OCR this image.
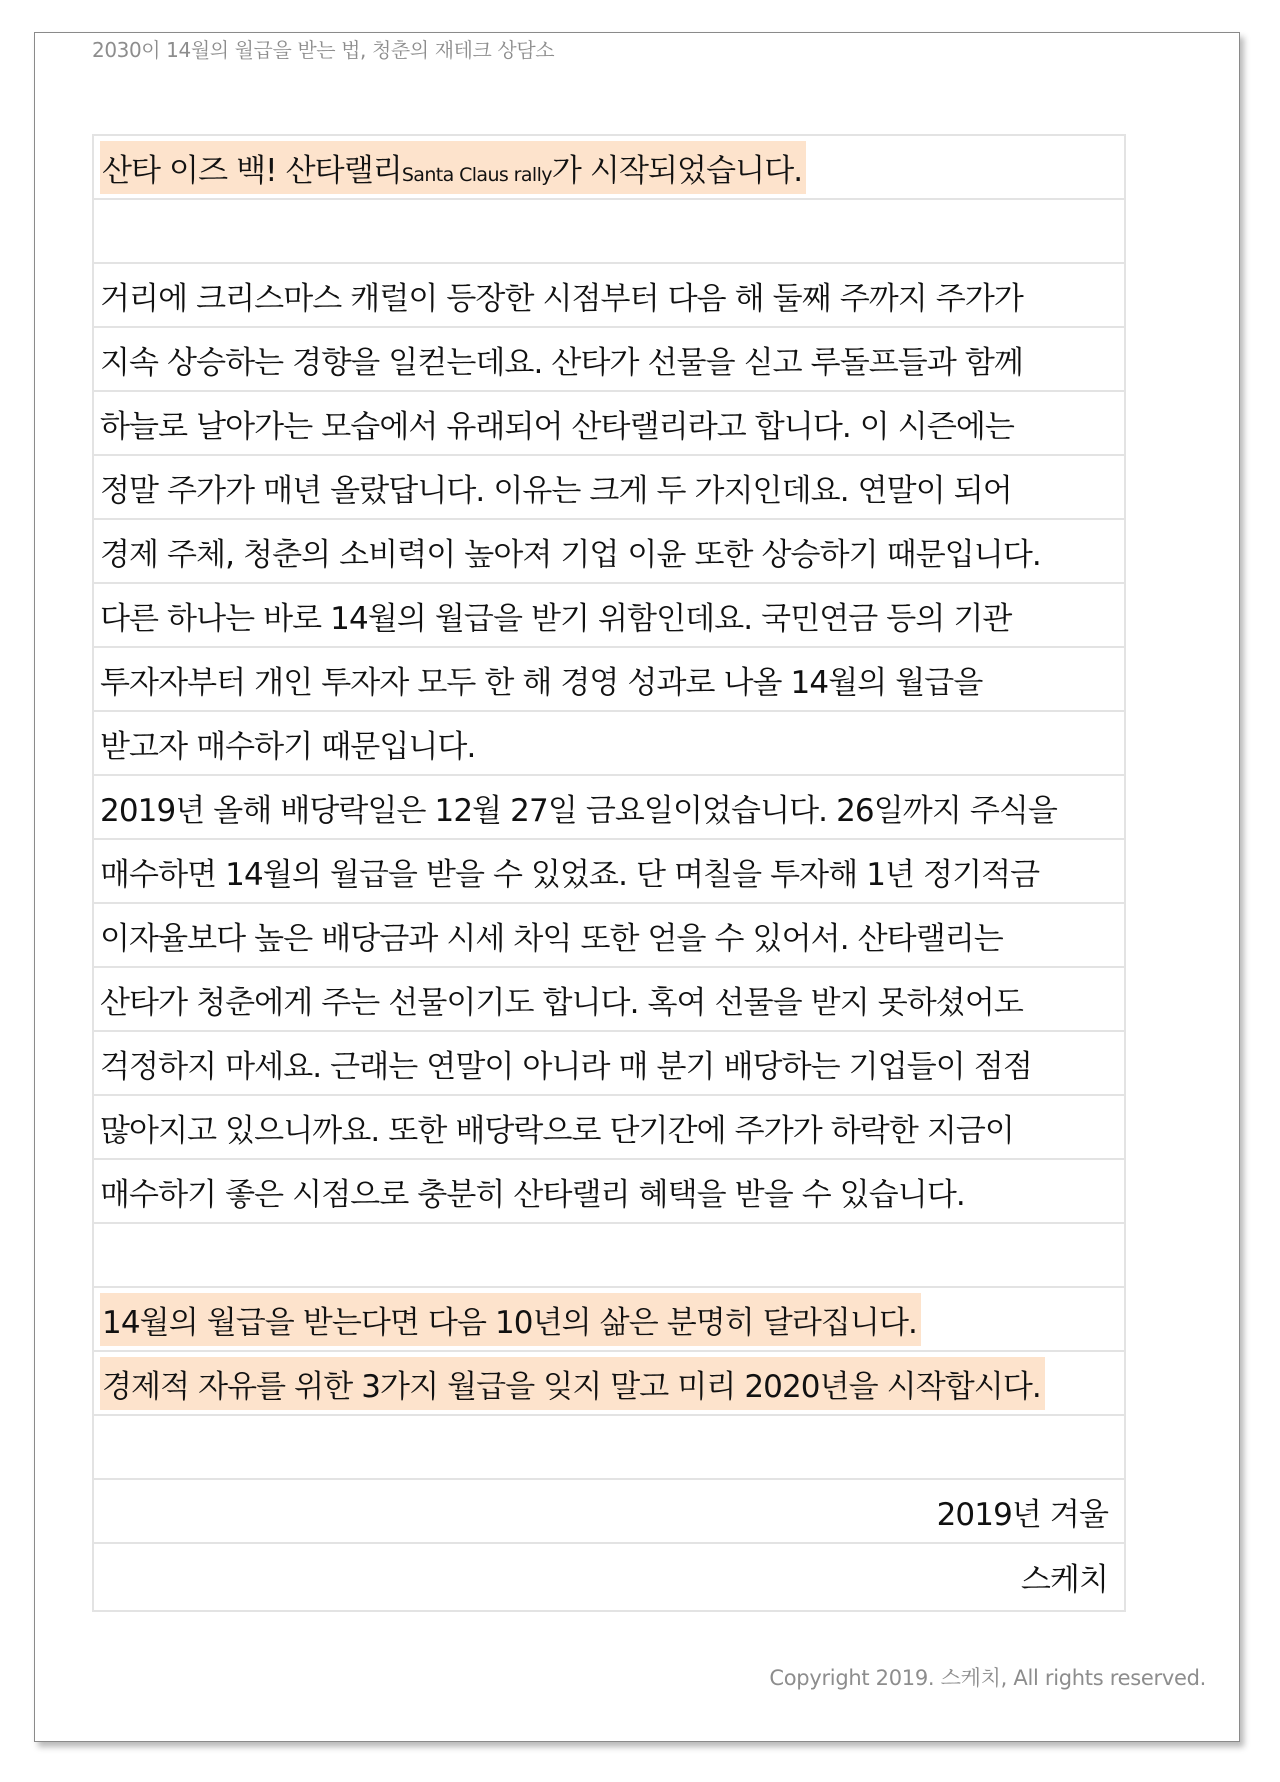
2030이 14월의 월급을 받는 법, 청춘의 재테크 상담소
산타 이즈 백! 산타랠리Santa Claus rally가 시작되었습니다.
거리에 크리스마스 캐럴이 등장한 시점부터 다음 해 둘째 주까지 주가가
지속 상승하는 경향을 일컫는데요. 산타가 선물을 싣고 루돌프들과 함께
하늘로 날아가는 모습에서 유래되어 산타랠리라고 합니다. 이 시즌에는
정말 주가가 매년 올랐답니다. 이유는 크게 두 가지인데요. 연말이 되어
경제 주체, 청춘의 소비력이 높아져 기업 이윤 또한 상승하기 때문입니다.
다른 하나는 바로 14월의 월급을 받기 위함인데요. 국민연금 등의 기관
투자자부터 개인 투자자 모두 한 해 경영 성과로 나올 14월의 월급을
받고자 매수하기 때문입니다.
2019년 올해 배당락일은 12월 27일 금요일이었습니다. 26일까지 주식을
매수하면 14월의 월급을 받을 수 있었죠. 단 며칠을 투자해 1년 정기적금
이자율보다 높은 배당금과 시세 차익 또한 얻을 수 있어서. 산타랠리는
산타가 청춘에게 주는 선물이기도 합니다. 혹여 선물을 받지 못하셨어도
걱정하지 마세요. 근래는 연말이 아니라 매 분기 배당하는 기업들이 점점
많아지고 있으니까요. 또한 배당락으로 단기간에 주가가 하락한 지금이
매수하기 좋은 시점으로 충분히 산타랠리 혜택을 받을 수 있습니다.
14월의 월급을 받는다면 다음 10년의 삶은 분명히 달라집니다.
경제적 자유를 위한 3가지 월급을 잊지 말고 미리 2020년을 시작합시다.
2019년 겨울
스케치
Copyright 2019. 스케치, All rights reserved.
